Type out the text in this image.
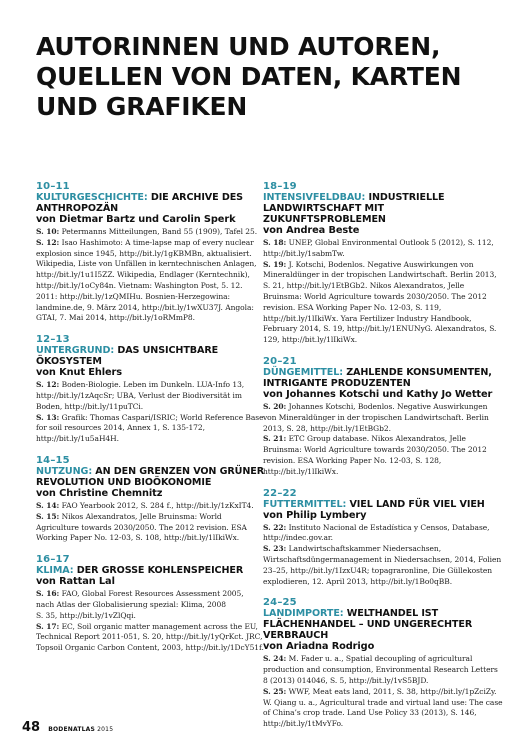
AUTORINNEN UND AUTOREN,
QUELLEN VON DATEN, KARTEN
UND GRAFIKEN
10–11
KULTURGESCHICHTE: DIE ARCHIVE DES ANTHROPOZÄN
von Dietmar Bartz und Carolin Sperk
S. 10: Petermanns Mitteilungen, Band 55 (1909), Tafel 25.
S. 12: Isao Hashimoto: A time-lapse map of every nuclear explosion since 1945, http://bit.ly/1gKBMBn, aktualisiert. Wikipedia, Liste von Unfällen in kerntechnischen Anlagen, http://bit.ly/1u1I5ZZ. Wikipedia, Endlager (Kerntechnik), http://bit.ly/1oCy84n. Vietnam: Washington Post, 5. 12. 2011: http://bit.ly/1zQMIHu. Bosnien-Herzegowina: landmine.de, 9. März 2014, http://bit.ly/1wXU37J. Angola: GTAI, 7. Mai 2014, http://bit.ly/1oRMmP8.
12–13
UNTERGRUND: DAS UNSICHTBARE ÖKOSYSTEM
von Knut Ehlers
S. 12: Boden-Biologie. Leben im Dunkeln. LUA-Info 13, http://bit.ly/1zAqcSr; UBA, Verlust der Biodiversität im Boden, http://bit.ly/11puTCi.
S. 13: Grafik: Thomas Caspari/ISRIC; World Reference Base for soil resources 2014, Annex 1, S. 135-172, http://bit.ly/1u5aH4H.
14–15
NUTZUNG: AN DEN GRENZEN VON GRÜNER REVOLUTION UND BIOÖKONOMIE
von Christine Chemnitz
S. 14: FAO Yearbook 2012, S. 284 f., http://bit.ly/1zKxIT4.
S. 15: Nikos Alexandratos, Jelle Bruinsma: World Agriculture towards 2030/2050. The 2012 revision. ESA Working Paper No. 12-03, S. 108, http://bit.ly/1lIkiWx.
16–17
KLIMA: DER GROSSE KOHLENSPEICHER
von Rattan Lal
S. 16: FAO, Global Forest Resources Assessment 2005, nach Atlas der Globalisierung spezial: Klima, 2008
S. 35, http://bit.ly/1vZlQqi.
S. 17: EC, Soil organic matter management across the EU, Technical Report 2011-051, S. 20, http://bit.ly/1yQrKct. JRC, Topsoil Organic Carbon Content, 2003, http://bit.ly/1DcY51f.
18–19
INTENSIVFELDBAU: INDUSTRIELLE LANDWIRTSCHAFT MIT ZUKUNFTSPROBLEMEN
von Andrea Beste
S. 18: UNEP, Global Environmental Outlook 5 (2012), S. 112, http://bit.ly/1sabmTw.
S. 19: J. Kotschi, Bodenlos. Negative Auswirkungen von Mineraldünger in der tropischen Landwirtschaft. Berlin 2013, S. 21, http://bit.ly/1EtBGb2. Nikos Alexandratos, Jelle Bruinsma: World Agriculture towards 2030/2050. The 2012 revision. ESA Working Paper No. 12-03, S. 119, http://bit.ly/1lIkiWx. Yara Fertilizer Industry Handbook, February 2014, S. 19, http://bit.ly/1ENUNyG. Alexandratos, S. 129, http://bit.ly/1lIkiWx.
20–21
DÜNGEMITTEL: ZAHLENDE KONSUMENTEN, INTRIGANTE PRODUZENTEN
von Johannes Kotschi und Kathy Jo Wetter
S. 20: Johannes Kotschi, Bodenlos. Negative Auswirkungen von Mineraldünger in der tropischen Landwirtschaft. Berlin 2013, S. 28, http://bit.ly/1EtBGb2.
S. 21: ETC Group database. Nikos Alexandratos, Jelle Bruinsma: World Agriculture towards 2030/2050. The 2012 revision. ESA Working Paper No. 12-03, S. 128, http://bit.ly/1lIkiWx.
22–22
FUTTERMITTEL: VIEL LAND FÜR VIEL VIEH
von Philip Lymbery
S. 22: Instituto Nacional de Estadística y Censos, Database, http://indec.gov.ar.
S. 23: Landwirtschaftskammer Niedersachsen, Wirtschaftsdüngermanagement in Niedersachsen, 2014, Folien 23–25, http://bit.ly/1IzxU4R; topagraronline, Die Güllekosten explodieren, 12. April 2013, http://bit.ly/1Bo0qBB.
24–25
LANDIMPORTE: WELTHANDEL IST FLÄCHENHANDEL – UND UNGERECHTER VERBRAUCH
von Ariadna Rodrigo
S. 24: M. Fader u. a., Spatial decoupling of agricultural production and consumption, Environmental Research Letters 8 (2013) 014046, S. 5, http://bit.ly/1vS5BJD.
S. 25: WWF, Meat eats land, 2011, S. 38, http://bit.ly/1pZciZy. W. Qiang u. a., Agricultural trade and virtual land use: The case of China’s crop trade. Land Use Policy 33 (2013), S. 146, http://bit.ly/1tMvYFo.
48 BODENATLAS 2015
